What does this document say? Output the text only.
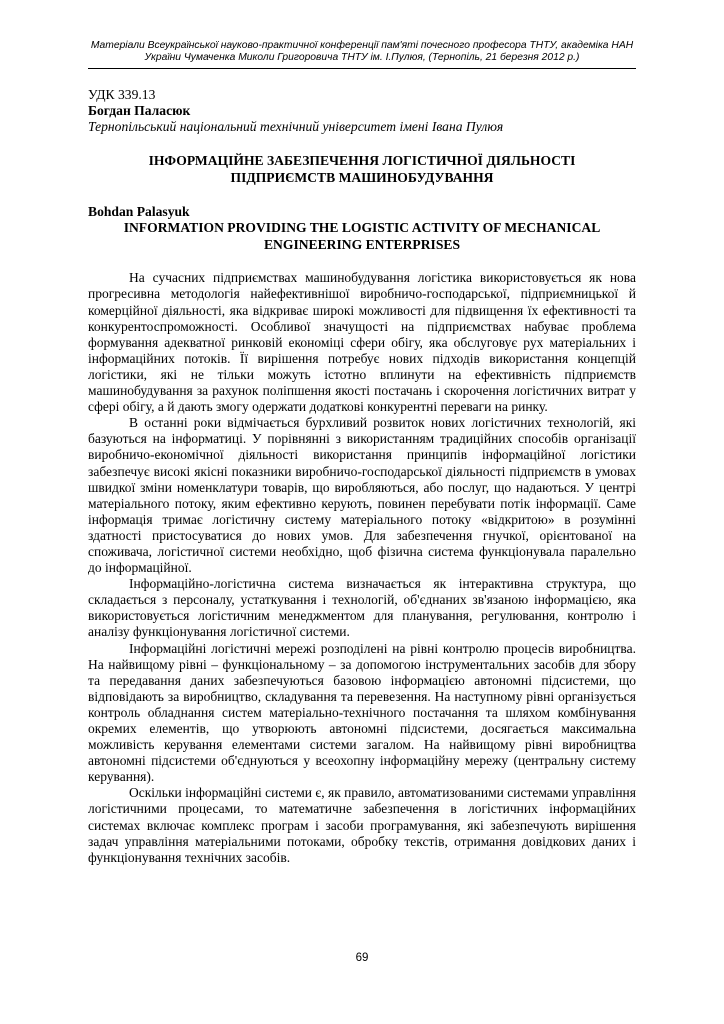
Матеріали Всеукраїнської науково-практичної конференції пам'яті почесного професора ТНТУ, академіка НАН
України Чумаченка Миколи Григоровича ТНТУ ім. І.Пулюя, (Тернопіль, 21 березня 2012 р.)

УДК 339.13

Богдан Паласюк

Тернопільський національний технічний університет імені Івана Пулюя

ІНФОРМАЦІЙНЕ ЗАБЕЗПЕЧЕННЯ ЛОГІСТИЧНОЇ ДІЯЛЬНОСТІ
ПІДПРИЄМСТВ МАШИНОБУДУВАННЯ

Bohdan Palasyuk

INFORMATION PROVIDING THE LOGISTIC ACTIVITY OF MECHANICAL
ENGINEERING ENTERPRISES

На сучасних підприємствах машинобудування логістика використовується як нова прогресивна методологія найефективнішої виробничо-господарської, підприємницької й комерційної діяльності, яка відкриває широкі можливості для підвищення їх ефективності та конкурентоспроможності. Особливої значущості на підприємствах набуває проблема формування адекватної ринковій економіці сфери обігу, яка обслуговує рух матеріальних і інформаційних потоків. Її вирішення потребує нових підходів використання концепцій логістики, які не тільки можуть істотно вплинути на ефективність підприємств машинобудування за рахунок поліпшення якості постачань і скорочення логістичних витрат у сфері обігу, а й дають змогу одержати додаткові конкурентні переваги на ринку.

В останні роки відмічається бурхливий розвиток нових логістичних технологій, які базуються на інформатиці. У порівнянні з використанням традиційних способів організації виробничо-економічної діяльності використання принципів інформаційної логістики забезпечує високі якісні показники виробничо-господарської діяльності підприємств в умовах швидкої зміни номенклатури товарів, що виробляються, або послуг, що надаються. У центрі матеріального потоку, яким ефективно керують, повинен перебувати потік інформації. Саме інформація тримає логістичну систему матеріального потоку «відкритою» в розумінні здатності пристосуватися до нових умов. Для забезпечення гнучкої, орієнтованої на споживача, логістичної системи необхідно, щоб фізична система функціонувала паралельно до інформаційної.

Інформаційно-логістична система визначається як інтерактивна структура, що складається з персоналу, устаткування і технологій, об'єднаних зв'язаною інформацією, яка використовується логістичним менеджментом для планування, регулювання, контролю і аналізу функціонування логістичної системи.

Інформаційні логістичні мережі розподілені на рівні контролю процесів виробництва. На найвищому рівні – функціональному – за допомогою інструментальних засобів для збору та передавання даних забезпечуються базовою інформацією автономні підсистеми, що відповідають за виробництво, складування та перевезення. На наступному рівні організується контроль обладнання систем матеріально-технічного постачання та шляхом комбінування окремих елементів, що утворюють автономні підсистеми, досягається максимальна можливість керування елементами системи загалом. На найвищому рівні виробництва автономні підсистеми об'єднуються у всеохопну інформаційну мережу (центральну систему керування).

Оскільки інформаційні системи є, як правило, автоматизованими системами управління логістичними процесами, то математичне забезпечення в логістичних інформаційних системах включає комплекс програм і засоби програмування, які забезпечують вирішення задач управління матеріальними потоками, обробку текстів, отримання довідкових даних і функціонування технічних засобів.

69
